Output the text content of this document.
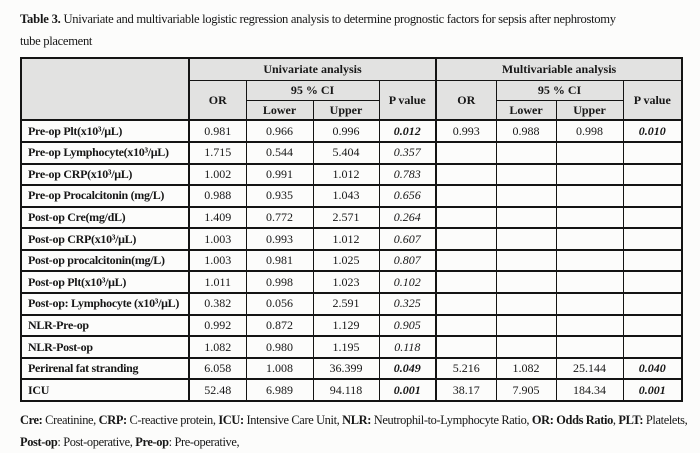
Table 3. Univariate and multivariable logistic regression analysis to determine prognostic factors for sepsis after nephrostomy
tube placement

	Univariate analysis				Multivariable analysis			
	OR	95 % CI		P value	OR	95 % CI		P value
		Lower	Upper			Lower	Upper	
Pre-op Plt(x10³/μL)	0.981	0.966	0.996	0.012	0.993	0.988	0.998	0.010
Pre-op Lymphocyte(x10³/μL)	1.715	0.544	5.404	0.357				
Pre-op CRP(x10³/μL)	1.002	0.991	1.012	0.783				
Pre-op Procalcitonin (mg/L)	0.988	0.935	1.043	0.656				
Post-op Cre(mg/dL)	1.409	0.772	2.571	0.264				
Post-op CRP(x10³/μL)	1.003	0.993	1.012	0.607				
Post-op procalcitonin(mg/L)	1.003	0.981	1.025	0.807				
Post-op Plt(x10³/μL)	1.011	0.998	1.023	0.102				
Post-op: Lymphocyte (x10³/μL)	0.382	0.056	2.591	0.325				
NLR-Pre-op	0.992	0.872	1.129	0.905				
NLR-Post-op	1.082	0.980	1.195	0.118				
Perirenal fat stranding	6.058	1.008	36.399	0.049	5.216	1.082	25.144	0.040
ICU	52.48	6.989	94.118	0.001	38.17	7.905	184.34	0.001

Cre: Creatinine, CRP: C-reactive protein, ICU: Intensive Care Unit, NLR: Neutrophil-to-Lymphocyte Ratio, OR: Odds Ratio, PLT: Platelets,
Post-op: Post-operative, Pre-op: Pre-operative,
